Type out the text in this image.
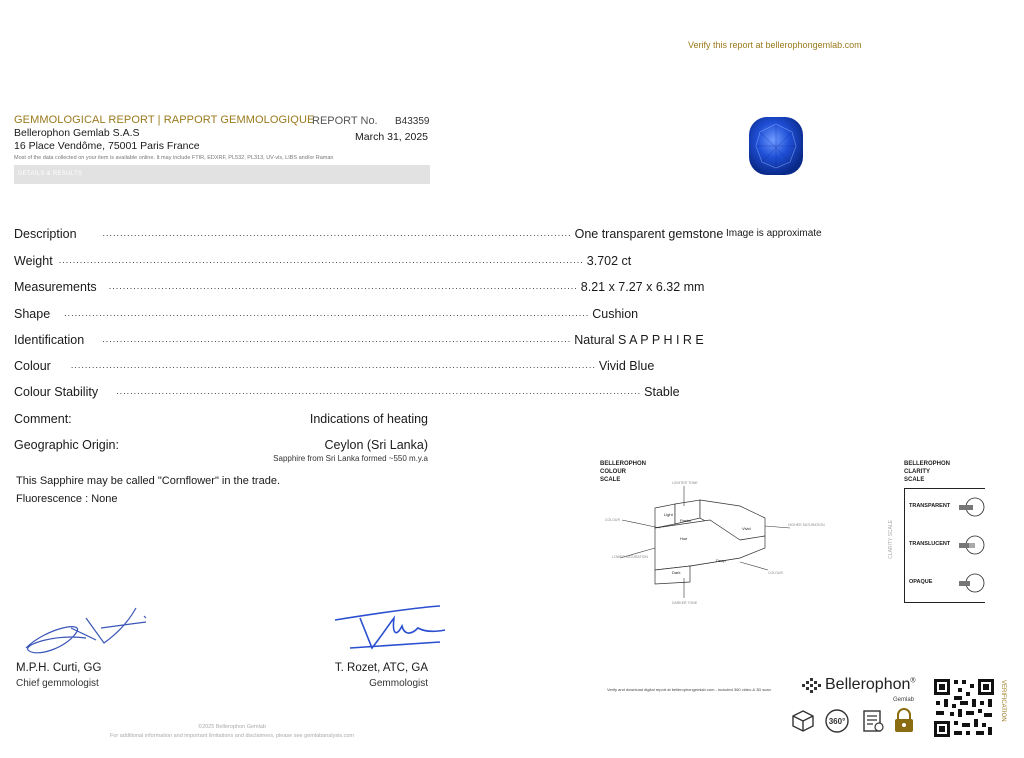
GEMMOLOGICAL REPORT | RAPPORT GEMMOLOGIQUE
Bellerophon Gemlab S.A.S
16 Place Vendôme, 75001 Paris France
REPORT No. B43359
March 31, 2025
Most of the data collected on your item is available online. It may include FTIR, EDXRF, PL532, PL313, UV-vis, LIBS and/or Raman
DETAILS & RESULTS
Description	...................................................................................................................................... One transparent gemstone
Weight ...................................................................................................................................................... 3.702 ct
Measurements ...................................................................................................................................... 8.21 x 7.27 x 6.32 mm
Shape ...................................................................................................................................................... Cushion
Identification ...................................................................................................................................... Natural S A P P H I R E
Colour ...................................................................................................................................................... Vivid Blue
Colour Stability ...................................................................................................................................................... Stable
Comment:	Indications of heating
Geographic Origin:	Ceylon (Sri Lanka)
Sapphire from Sri Lanka formed ~550 m.y.a
This Sapphire may be called "Cornflower" in the trade.
Fluorescence : None
M.P.H. Curti, GG
Chief gemmologist
T. Rozet, ATC, GA
Gemmologist
©2025 Bellerophon Gemlab
For additional information and important limitations and disclaimers, please see gemlabanalysis.com
Verify this report at bellerophongemlab.com
Image is approximate
BELLEROPHON
COLOUR
SCALE
Light
Pastel
Vivid
Hue
Deep
Dark
LIGHTER TONE
DARKER TONE
COLOUR
COLOUR
HIGHER SATURATION
LOWER SATURATION
BELLEROPHON
CLARITY
SCALE
CLARITY SCALE
TRANSPARENT
TRANSLUCENT
OPAQUE
Verify and download digital report at bellerophongemlab.com - included 360 video & 3D scan	Bellerophon®
Gemlab
360°	VERIFICATION
